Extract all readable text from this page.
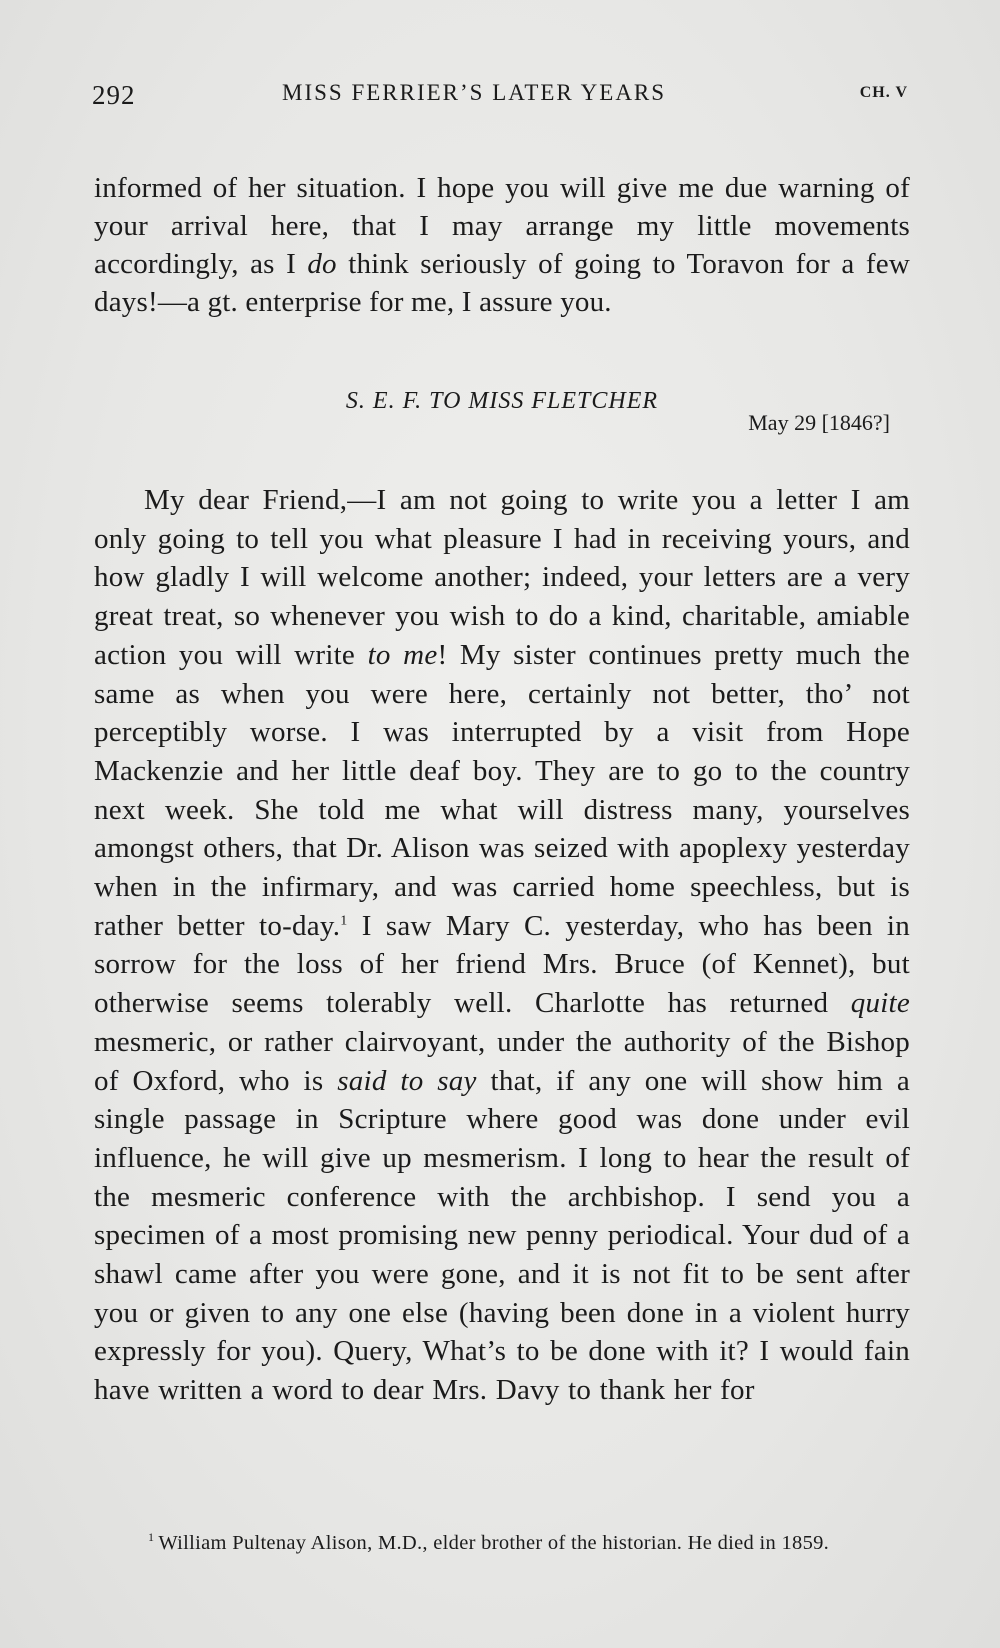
292	MISS FERRIER’S LATER YEARS	CH. V

informed of her situation. I hope you will give me due warning of your arrival here, that I may arrange my little movements accordingly, as I do think seriously of going to Toravon for a few days!—a gt. enterprise for me, I assure you.

S. E. F. TO MISS FLETCHER
May 29 [1846?]

My dear Friend,—I am not going to write you a letter I am only going to tell you what pleasure I had in receiving yours, and how gladly I will welcome another; indeed, your letters are a very great treat, so whenever you wish to do a kind, charitable, amiable action you will write to me! My sister continues pretty much the same as when you were here, certainly not better, tho’ not perceptibly worse. I was interrupted by a visit from Hope Mackenzie and her little deaf boy. They are to go to the country next week. She told me what will distress many, yourselves amongst others, that Dr. Alison was seized with apoplexy yesterday when in the infirmary, and was carried home speechless, but is rather better to-day.$^1$ I saw Mary C. yesterday, who has been in sorrow for the loss of her friend Mrs. Bruce (of Kennet), but otherwise seems tolerably well. Charlotte has returned quite mesmeric, or rather clairvoyant, under the authority of the Bishop of Oxford, who is said to say that, if any one will show him a single passage in Scripture where good was done under evil influence, he will give up mesmerism. I long to hear the result of the mesmeric conference with the archbishop. I send you a specimen of a most promising new penny periodical. Your dud of a shawl came after you were gone, and it is not fit to be sent after you or given to any one else (having been done in a violent hurry expressly for you). Query, What’s to be done with it? I would fain have written a word to dear Mrs. Davy to thank her for

$^1$ William Pultenay Alison, M.D., elder brother of the historian. He died in 1859.
